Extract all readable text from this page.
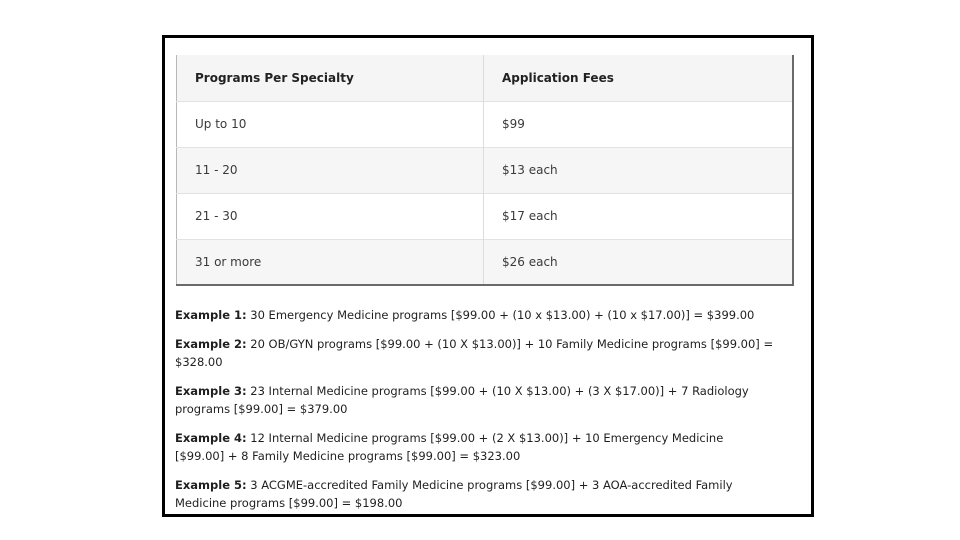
Programs Per Specialty	Application Fees
Up to 10	$99
11 - 20	$13 each
21 - 30	$17 each
31 or more	$26 each

Example 1: 30 Emergency Medicine programs [$99.00 + (10 x $13.00) + (10 x $17.00)] = $399.00

Example 2: 20 OB/GYN programs [$99.00 + (10 X $13.00)] + 10 Family Medicine programs [$99.00] = $328.00

Example 3: 23 Internal Medicine programs [$99.00 + (10 X $13.00) + (3 X $17.00)] + 7 Radiology programs [$99.00] = $379.00

Example 4: 12 Internal Medicine programs [$99.00 + (2 X $13.00)] + 10 Emergency Medicine [$99.00] + 8 Family Medicine programs [$99.00] = $323.00

Example 5: 3 ACGME-accredited Family Medicine programs [$99.00] + 3 AOA-accredited Family Medicine programs [$99.00] = $198.00
